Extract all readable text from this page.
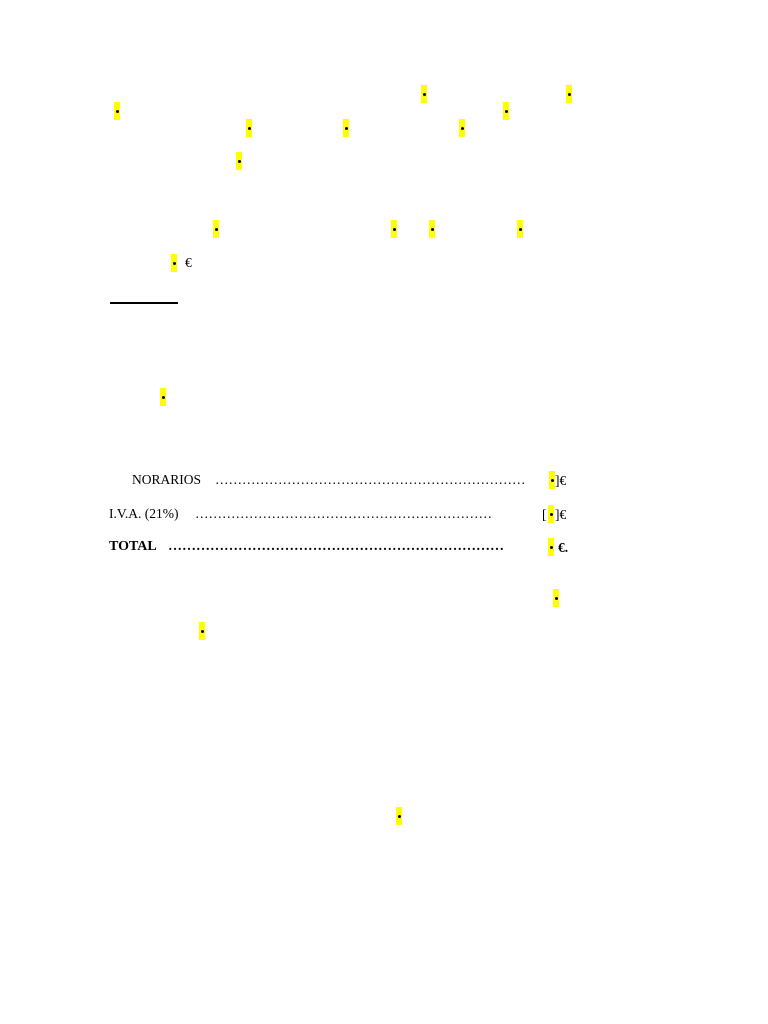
€
NORARIOS ……………………………………………………………	]€
I.V.A. (21%) …………………………………………………………	[ ]€
TOTAL ………………………………………………………………	€.
